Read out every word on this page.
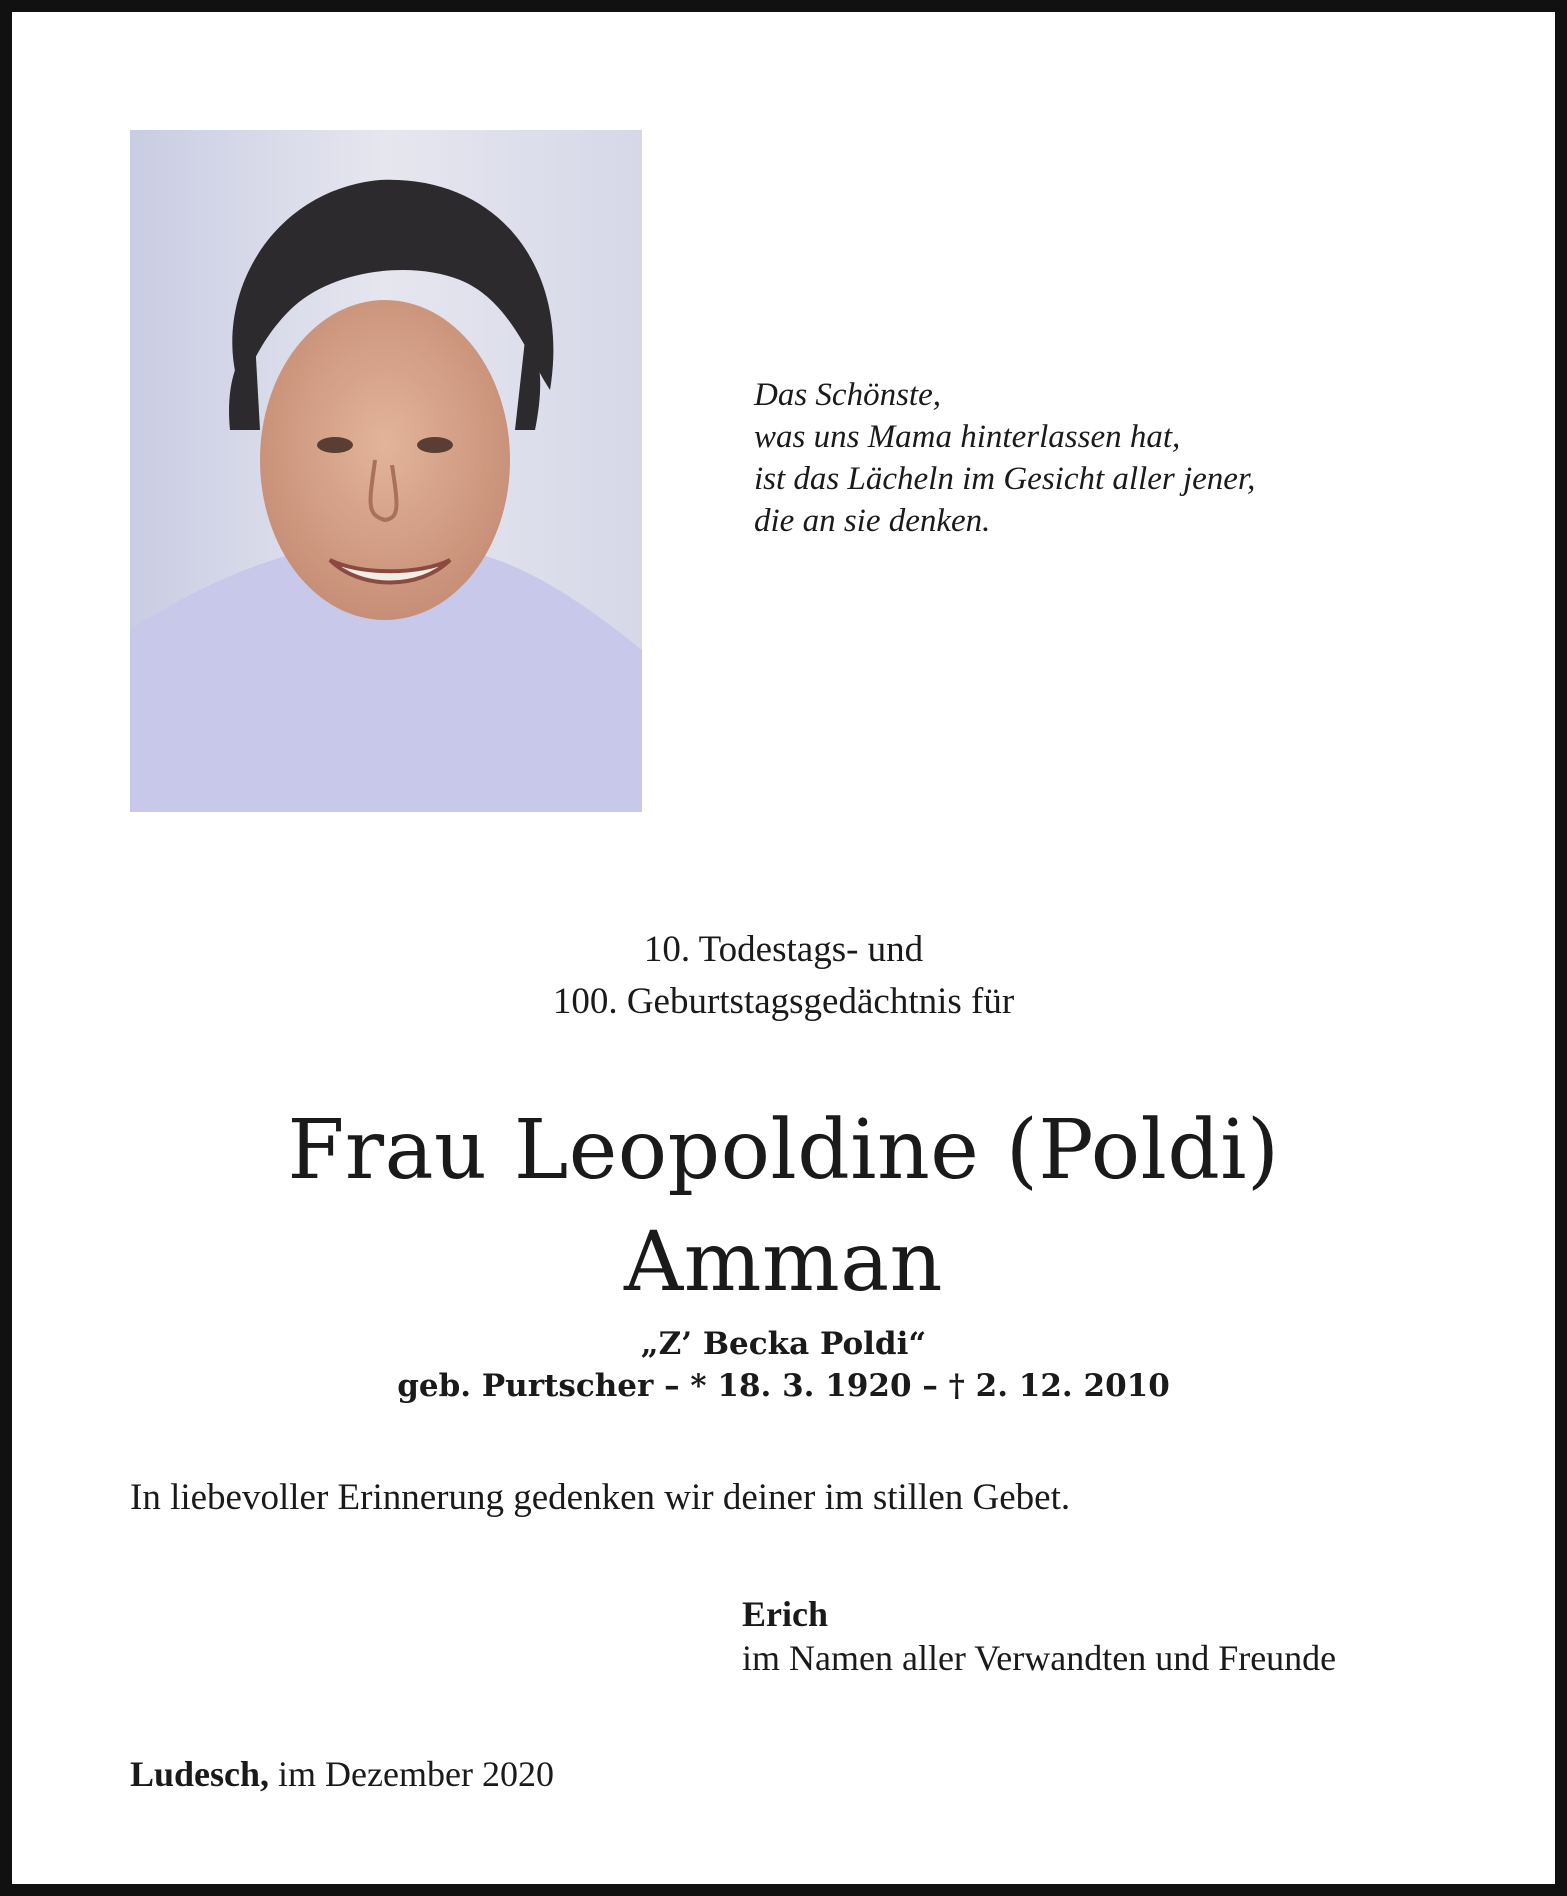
Das Schönste,
was uns Mama hinterlassen hat,
ist das Lächeln im Gesicht aller jener,
die an sie denken.
10. Todestags- und
100. Geburtstagsgedächtnis für
Frau Leopoldine (Poldi)
Amman
„Z’ Becka Poldi“
geb. Purtscher – * 18. 3. 1920 – † 2. 12. 2010
In liebevoller Erinnerung gedenken wir deiner im stillen Gebet.
Erich
im Namen aller Verwandten und Freunde
Ludesch, im Dezember 2020
